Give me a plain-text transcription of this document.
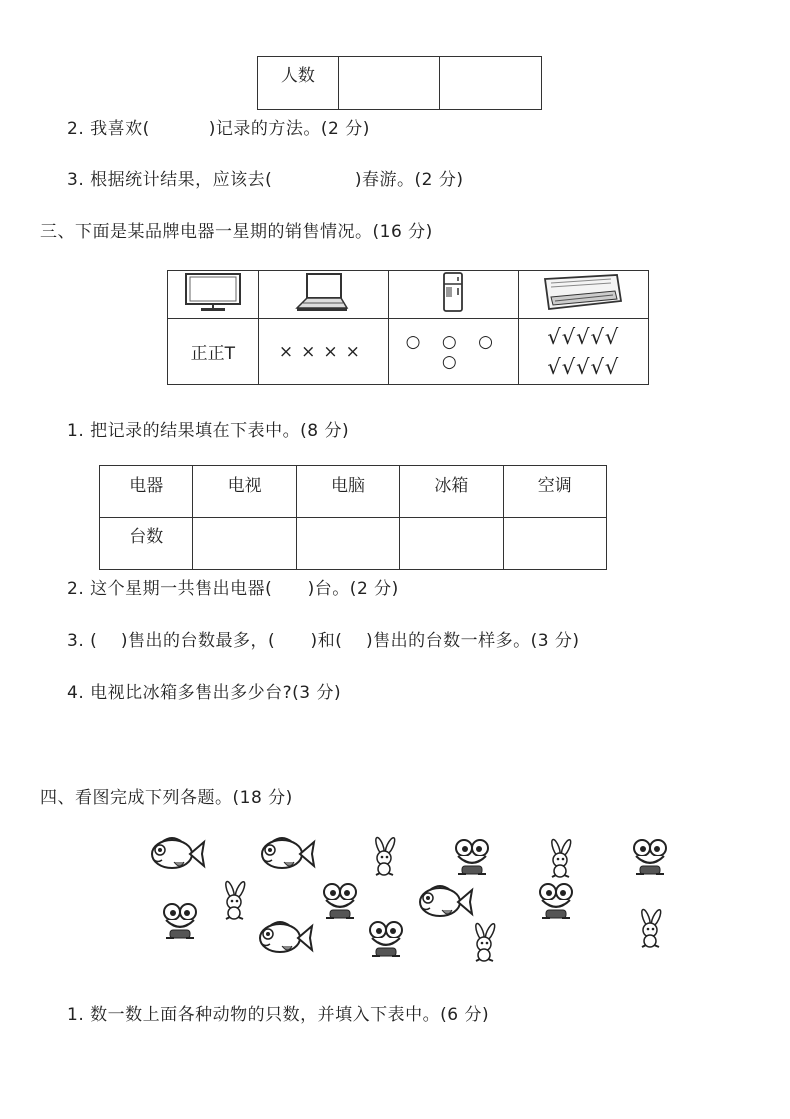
人数		
2. 我喜欢(          )记录的方法。(2 分)
3. 根据统计结果，应该去(              )春游。(2 分)
三、下面是某品牌电器一星期的销售情况。(16 分)

正正T	××××	○ ○ ○ ○	√√√√√
√√√√√
1. 把记录的结果填在下表中。(8 分)
电器	电视	电脑	冰箱	空调
台数				
2. 这个星期一共售出电器(      )台。(2 分)
3. (    )售出的台数最多，(      )和(    )售出的台数一样多。(3 分)
4. 电视比冰箱多售出多少台?(3 分)
四、看图完成下列各题。(18 分)
1. 数一数上面各种动物的只数，并填入下表中。(6 分)
